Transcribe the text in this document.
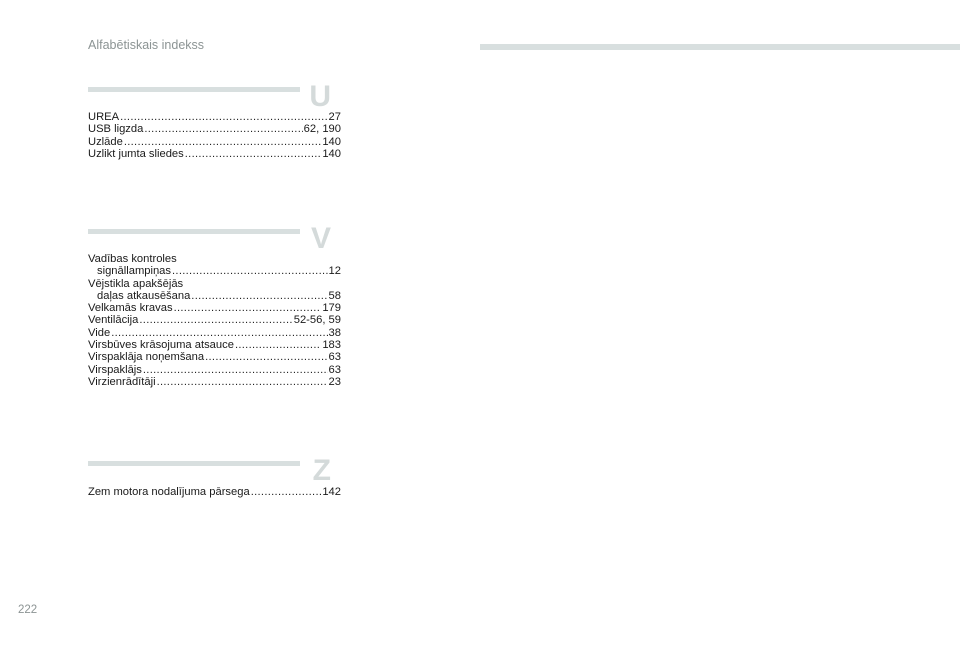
Alfabētiskais indekss
U
UREA .....	27
USB ligzda .....	62, 190
Uzlāde .....	140
Uzlikt jumta sliedes .....	140
V
Vadības kontroles
signāllampiņas .....	12
Vējstikla apakšējās
daļas atkausēšana .....	58
Velkamās kravas .....	179
Ventilācija .....	52-56, 59
Vide .....	38
Virsbūves krāsojuma atsauce .....	183
Virspaklāja noņemšana .....	63
Virspaklājs .....	63
Virzienrādītāji .....	23
Z
Zem motora nodalījuma pārsega .....	142
222
